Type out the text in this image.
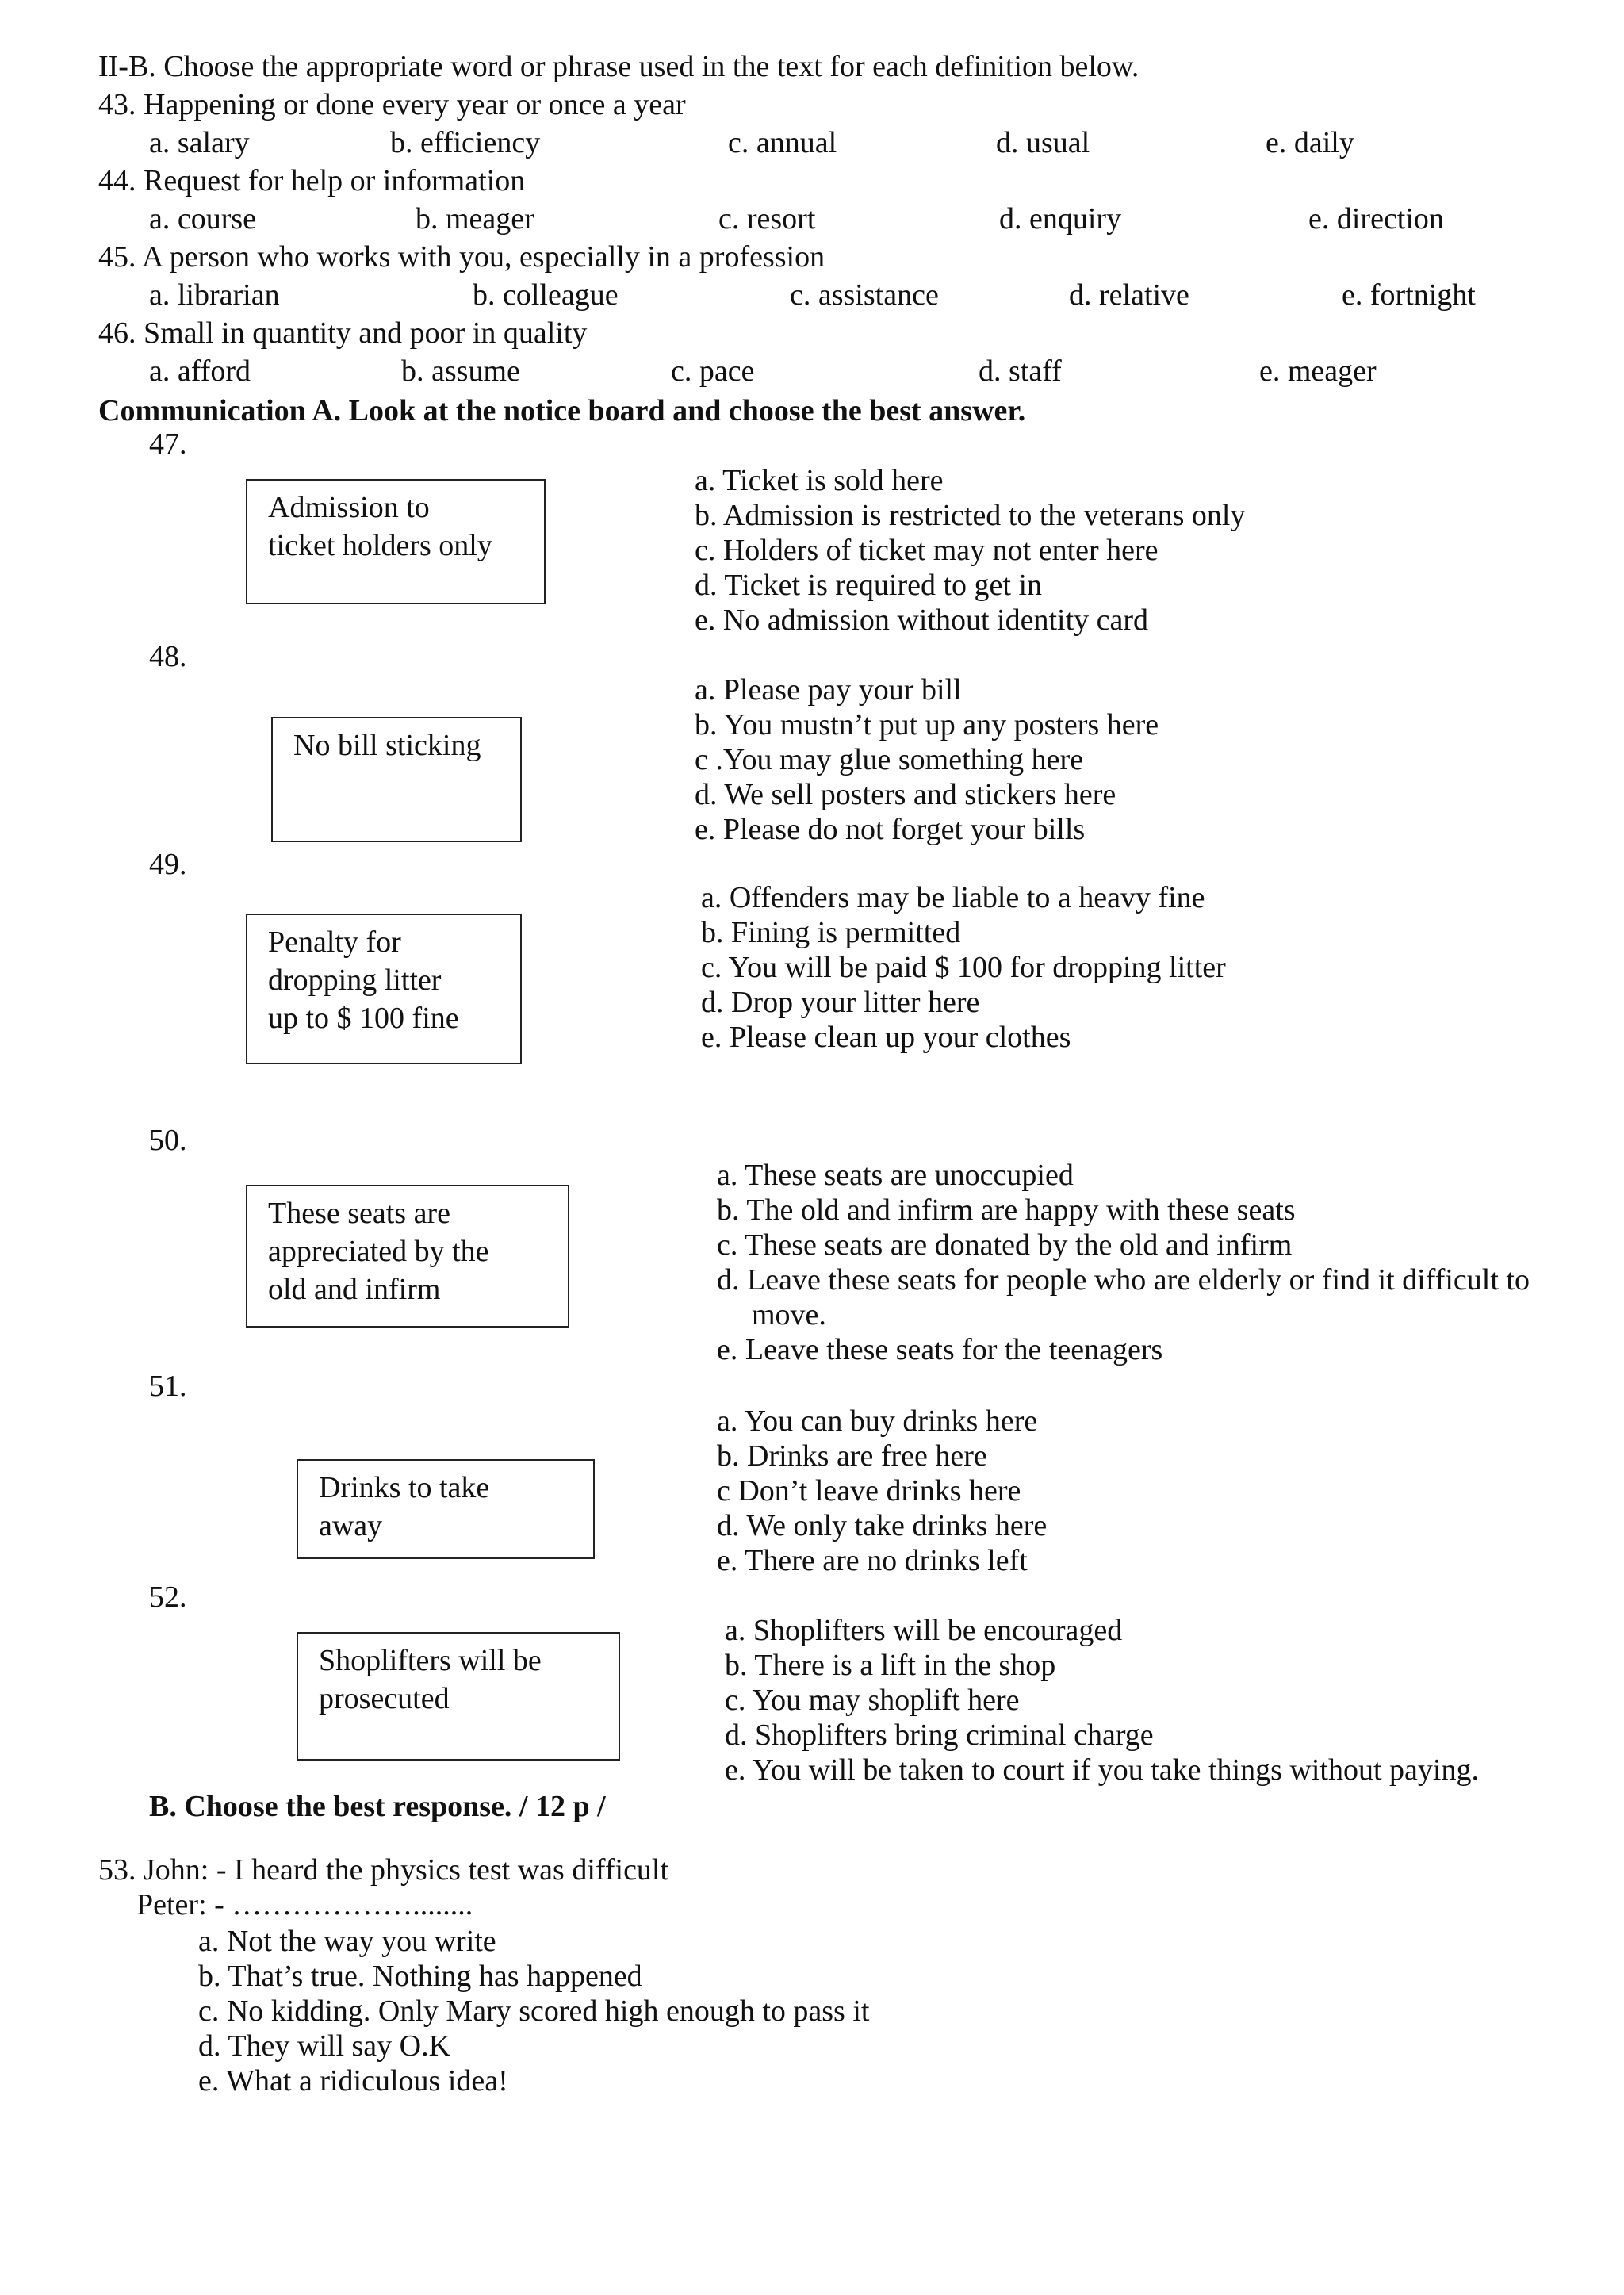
II-B. Choose the appropriate word or phrase used in the text for each definition below.
43. Happening or done every year or once a year
a. salary	b. efficiency	c. annual	d. usual	e. daily
44. Request for help or information
a. course	b. meager	c. resort	d. enquiry	e. direction
45. A person who works with you, especially in a profession
a. librarian	b. colleague	c. assistance	d. relative	e. fortnight
46. Small in quantity and poor in quality
a. afford	b. assume	c. pace	d. staff	e. meager
Communication A. Look at the notice board and choose the best answer.
47.
Admission to
ticket holders only
a. Ticket is sold here
b. Admission is restricted to the veterans only
c. Holders of ticket may not enter here
d. Ticket is required to get in
e. No admission without identity card
48.
No bill sticking
a. Please pay your bill
b. You mustn’t put up any posters here
c .You may glue something here
d. We sell posters and stickers here
e. Please do not forget your bills
49.
Penalty for
dropping litter
up to $ 100 fine
a. Offenders may be liable to a heavy fine
b. Fining is permitted
c. You will be paid $ 100 for dropping litter
d. Drop your litter here
e. Please clean up your clothes
50.
These seats are
appreciated by the
old and infirm
a. These seats are unoccupied
b. The old and infirm are happy with these seats
c. These seats are donated by the old and infirm
d. Leave these seats for people who are elderly or find it difficult to
move.
e. Leave these seats for the teenagers
51.
Drinks to take
away
a. You can buy drinks here
b. Drinks are free here
c Don’t leave drinks here
d. We only take drinks here
e. There are no drinks left
52.
Shoplifters will be
prosecuted
a. Shoplifters will be encouraged
b. There is a lift in the shop
c. You may shoplift here
d. Shoplifters bring criminal charge
e. You will be taken to court if you take things without paying.
B. Choose the best response. / 12 p /
53. John: - I heard the physics test was difficult
Peter: - ………………........
a. Not the way you write
b. That’s true. Nothing has happened
c. No kidding. Only Mary scored high enough to pass it
d. They will say O.K
e. What a ridiculous idea!
